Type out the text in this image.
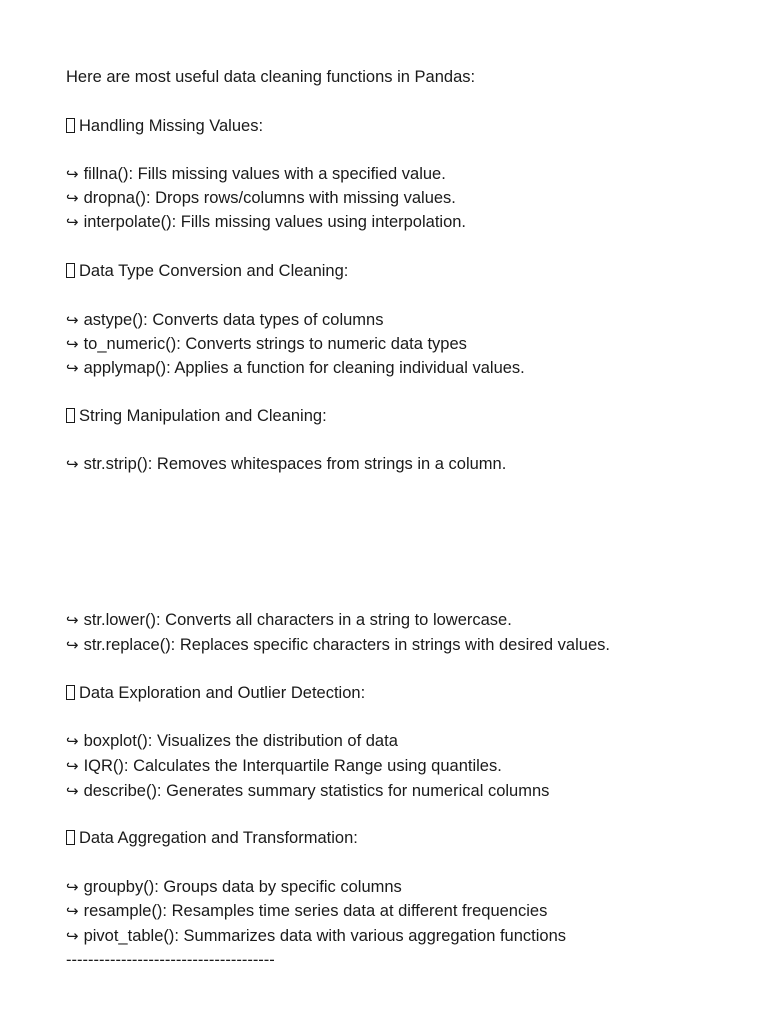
Here are most useful data cleaning functions in Pandas:
Handling Missing Values:
↪ fillna(): Fills missing values with a specified value.
↪ dropna(): Drops rows/columns with missing values.
↪ interpolate(): Fills missing values using interpolation.
Data Type Conversion and Cleaning:
↪ astype(): Converts data types of columns
↪ to_numeric(): Converts strings to numeric data types
↪ applymap(): Applies a function for cleaning individual values.
String Manipulation and Cleaning:
↪ str.strip(): Removes whitespaces from strings in a column.
↪ str.lower(): Converts all characters in a string to lowercase.
↪ str.replace(): Replaces specific characters in strings with desired values.
Data Exploration and Outlier Detection:
↪ boxplot(): Visualizes the distribution of data
↪ IQR(): Calculates the Interquartile Range using quantiles.
↪ describe(): Generates summary statistics for numerical columns
Data Aggregation and Transformation:
↪ groupby(): Groups data by specific columns
↪ resample(): Resamples time series data at different frequencies
↪ pivot_table(): Summarizes data with various aggregation functions
--------------------------------------
